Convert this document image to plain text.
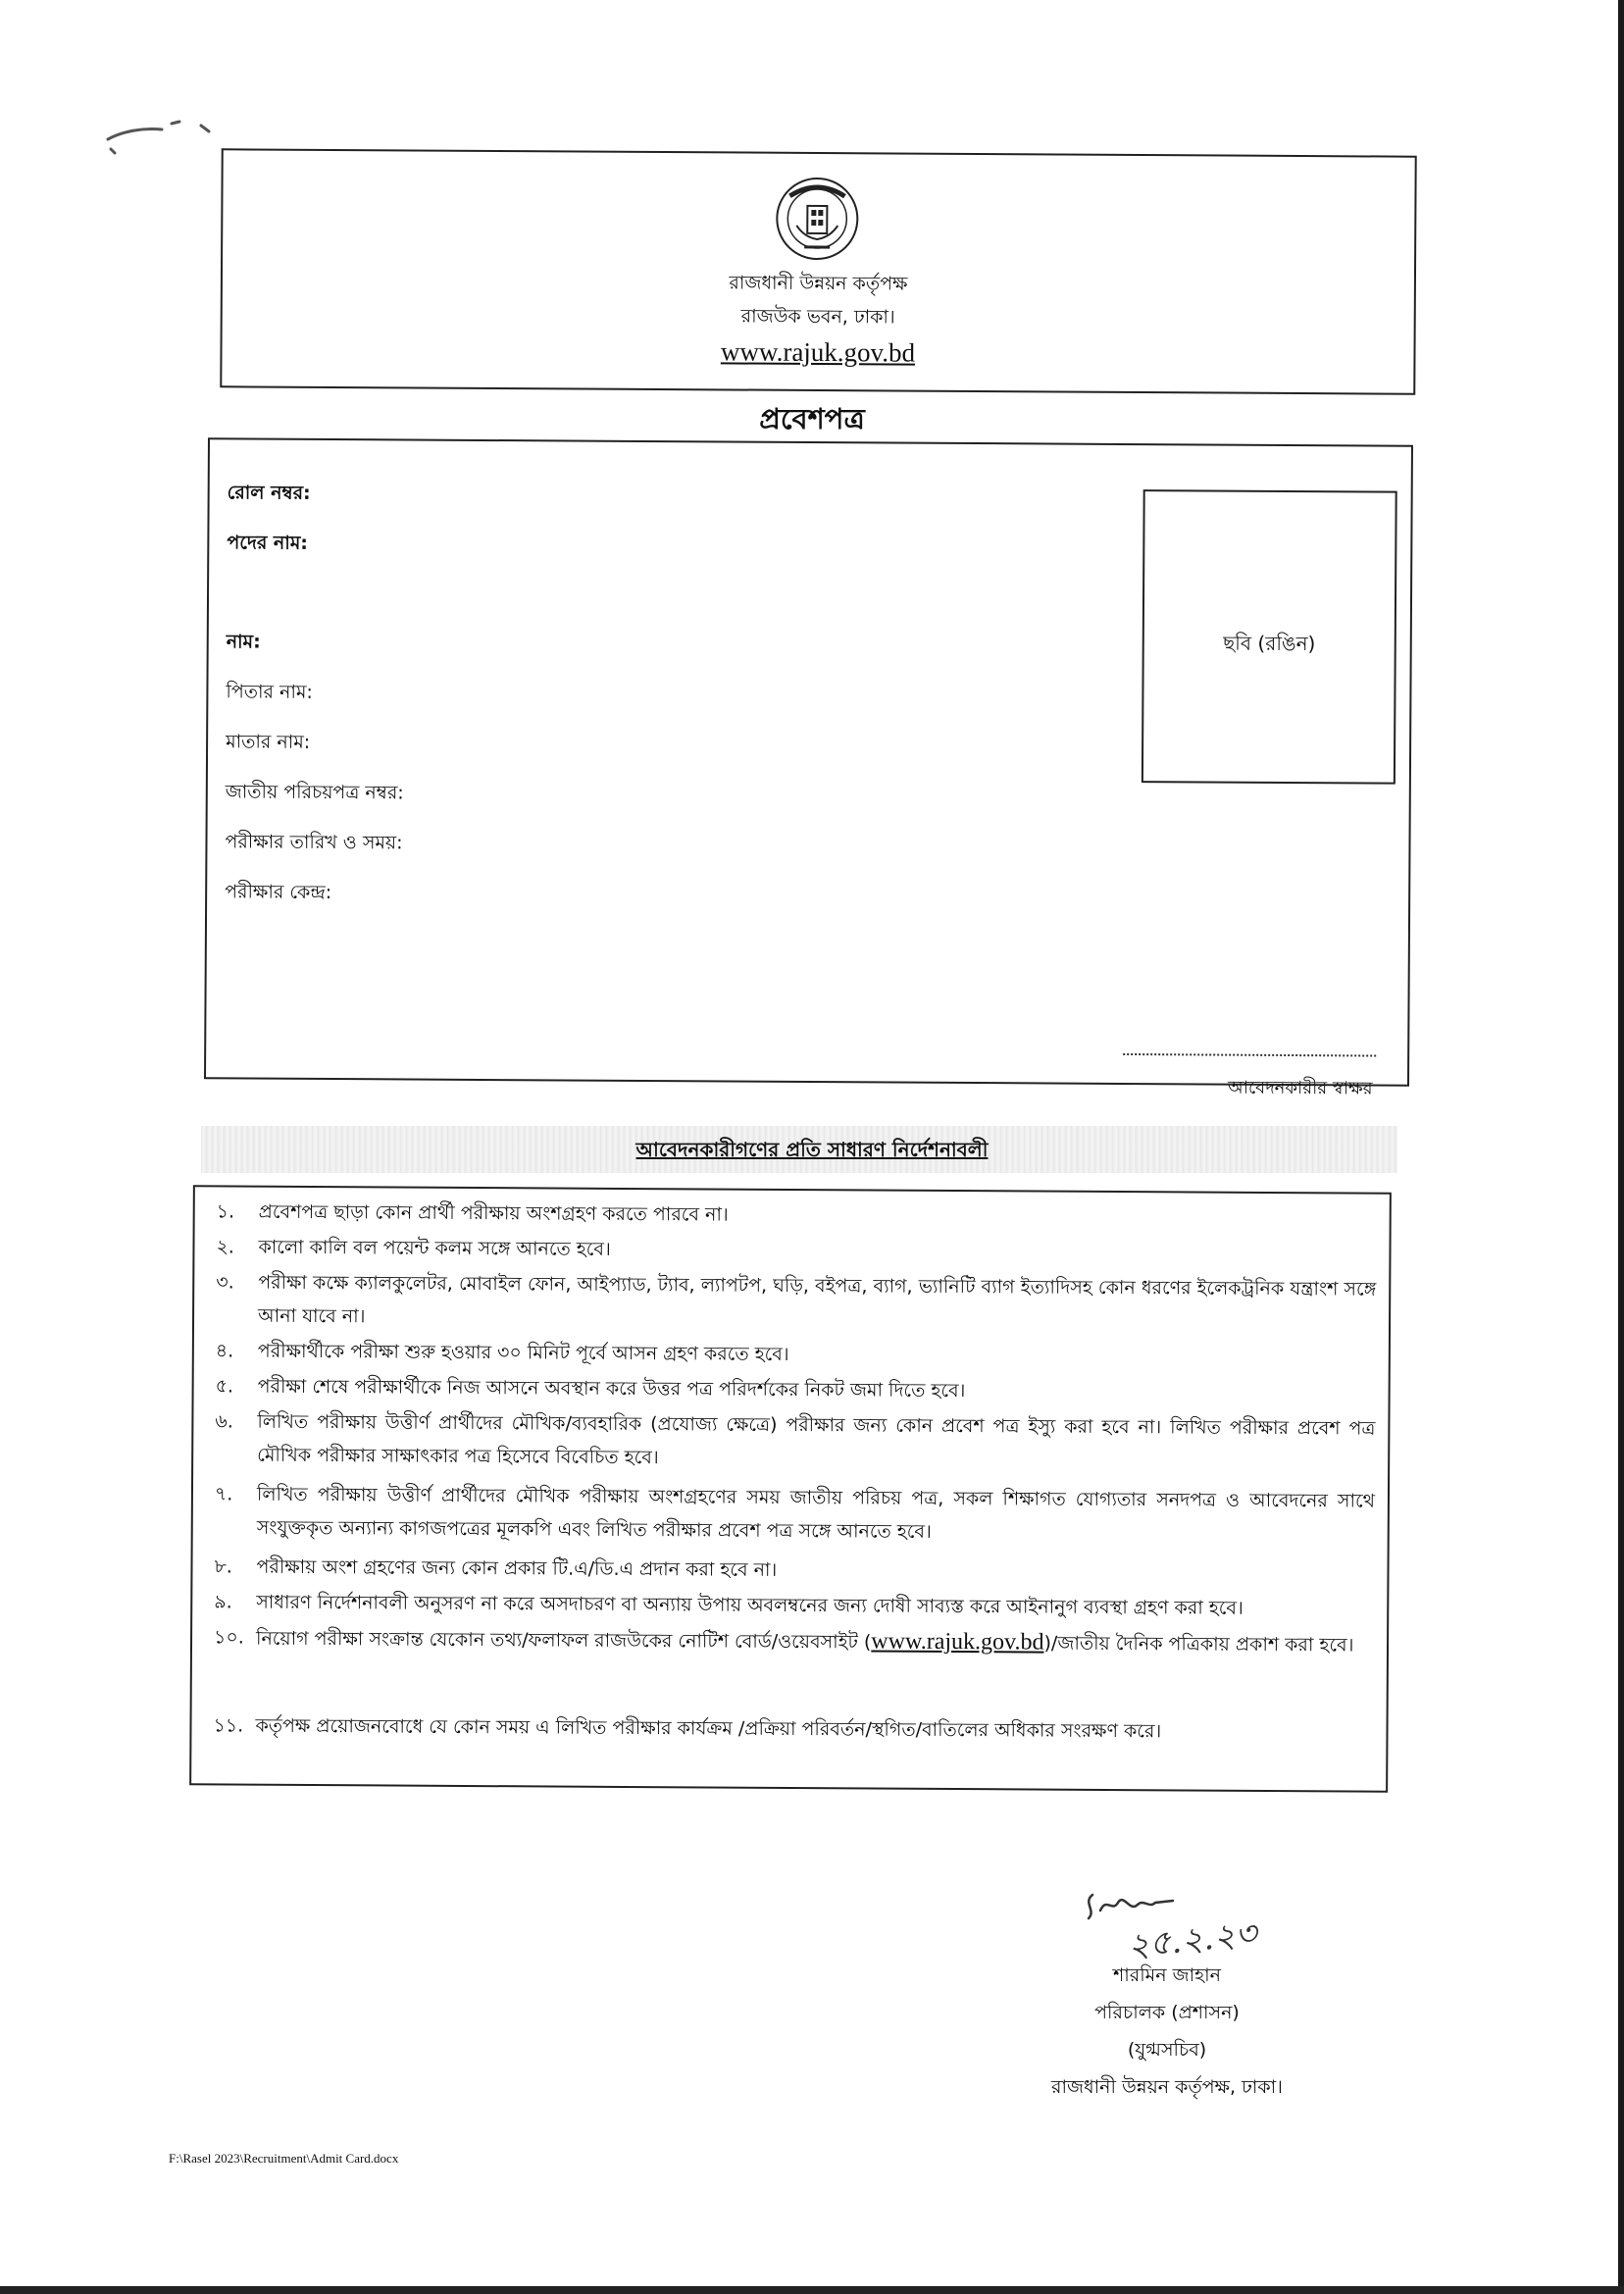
রাজধানী উন্নয়ন কর্তৃপক্ষ
রাজউক ভবন, ঢাকা।
www.rajuk.gov.bd
প্রবেশপত্র
রোল নম্বর:
পদের নাম:
নাম:
পিতার নাম:
মাতার নাম:
জাতীয় পরিচয়পত্র নম্বর:
পরীক্ষার তারিখ ও সময়:
পরীক্ষার কেন্দ্র:
ছবি (রঙিন)
আবেদনকারীর স্বাক্ষর
আবেদনকারীগণের প্রতি সাধারণ নির্দেশনাবলী
১. প্রবেশপত্র ছাড়া কোন প্রার্থী পরীক্ষায় অংশগ্রহণ করতে পারবে না।
২. কালো কালি বল পয়েন্ট কলম সঙ্গে আনতে হবে।
৩. পরীক্ষা কক্ষে ক্যালকুলেটর, মোবাইল ফোন, আইপ্যাড, ট্যাব, ল্যাপটপ, ঘড়ি, বইপত্র, ব্যাগ, ভ্যানিটি ব্যাগ ইত্যাদিসহ কোন ধরণের ইলেকট্রনিক যন্ত্রাংশ সঙ্গে আনা যাবে না।
৪. পরীক্ষার্থীকে পরীক্ষা শুরু হওয়ার ৩০ মিনিট পূর্বে আসন গ্রহণ করতে হবে।
৫. পরীক্ষা শেষে পরীক্ষার্থীকে নিজ আসনে অবস্থান করে উত্তর পত্র পরিদর্শকের নিকট জমা দিতে হবে।
৬. লিখিত পরীক্ষায় উত্তীর্ণ প্রার্থীদের মৌখিক/ব্যবহারিক (প্রযোজ্য ক্ষেত্রে) পরীক্ষার জন্য কোন প্রবেশ পত্র ইস্যু করা হবে না। লিখিত পরীক্ষার প্রবেশ পত্র মৌখিক পরীক্ষার সাক্ষাৎকার পত্র হিসেবে বিবেচিত হবে।
৭. লিখিত পরীক্ষায় উত্তীর্ণ প্রার্থীদের মৌখিক পরীক্ষায় অংশগ্রহণের সময় জাতীয় পরিচয় পত্র, সকল শিক্ষাগত যোগ্যতার সনদপত্র ও আবেদনের সাথে সংযুক্তকৃত অন্যান্য কাগজপত্রের মূলকপি এবং লিখিত পরীক্ষার প্রবেশ পত্র সঙ্গে আনতে হবে।
৮. পরীক্ষায় অংশ গ্রহণের জন্য কোন প্রকার টি.এ/ডি.এ প্রদান করা হবে না।
৯. সাধারণ নির্দেশনাবলী অনুসরণ না করে অসদাচরণ বা অন্যায় উপায় অবলম্বনের জন্য দোষী সাব্যস্ত করে আইনানুগ ব্যবস্থা গ্রহণ করা হবে।
১০. নিয়োগ পরীক্ষা সংক্রান্ত যেকোন তথ্য/ফলাফল রাজউকের নোটিশ বোর্ড/ওয়েবসাইট (www.rajuk.gov.bd)/জাতীয় দৈনিক পত্রিকায় প্রকাশ করা হবে।
১১. কর্তৃপক্ষ প্রয়োজনবোধে যে কোন সময় এ লিখিত পরীক্ষার কার্যক্রম /প্রক্রিয়া পরিবর্তন/স্থগিত/বাতিলের অধিকার সংরক্ষণ করে।
২৫.২.২৩
শারমিন জাহান
পরিচালক (প্রশাসন)
(যুগ্মসচিব)
রাজধানী উন্নয়ন কর্তৃপক্ষ, ঢাকা।
F:\Rasel 2023\Recruitment\Admit Card.docx
